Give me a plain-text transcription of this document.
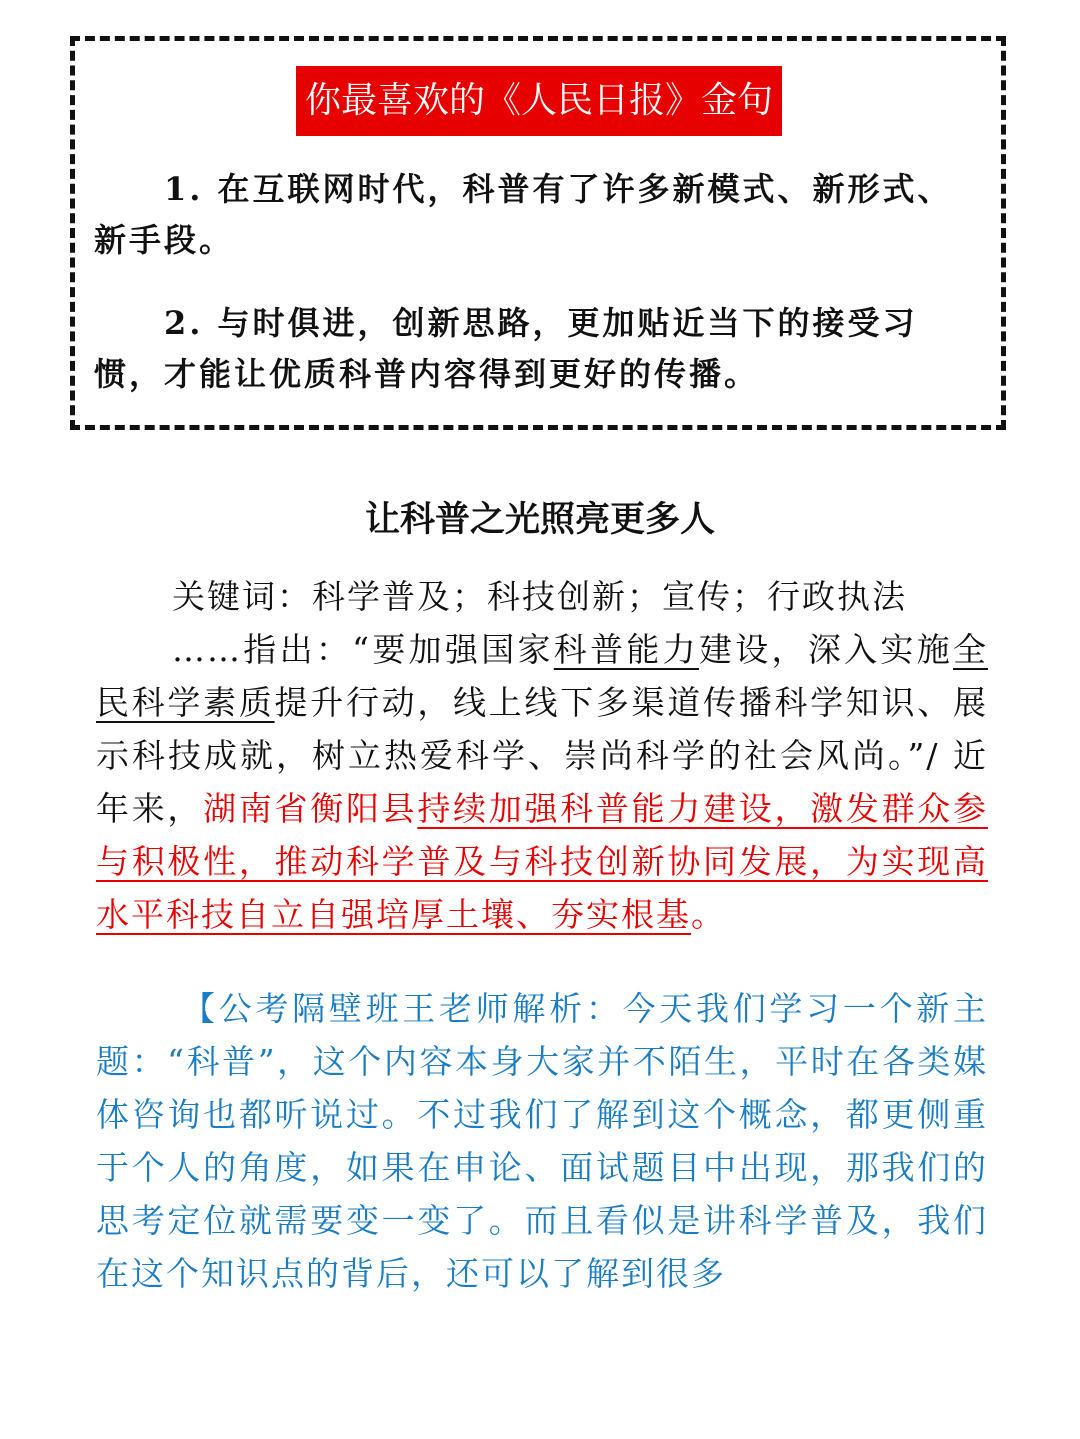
你最喜欢的《人民日报》金句

1. 在互联网时代，科普有了许多新模式、新形式、新手段。

2. 与时俱进，创新思路，更加贴近当下的接受习惯，才能让优质科普内容得到更好的传播。

让科普之光照亮更多人

关键词：科学普及；科技创新；宣传；行政执法

……指出：“要加强国家科普能力建设，深入实施全民科学素质提升行动，线上线下多渠道传播科学知识、展示科技成就，树立热爱科学、崇尚科学的社会风尚。”/ 近年来，湖南省衡阳县持续加强科普能力建设，激发群众参与积极性，推动科学普及与科技创新协同发展，为实现高水平科技自立自强培厚土壤、夯实根基。

【公考隔壁班王老师解析：今天我们学习一个新主题：“科普”，这个内容本身大家并不陌生，平时在各类媒体咨询也都听说过。不过我们了解到这个概念，都更侧重于个人的角度，如果在申论、面试题目中出现，那我们的思考定位就需要变一变了。而且看似是讲科学普及，我们在这个知识点的背后，还可以了解到很多
